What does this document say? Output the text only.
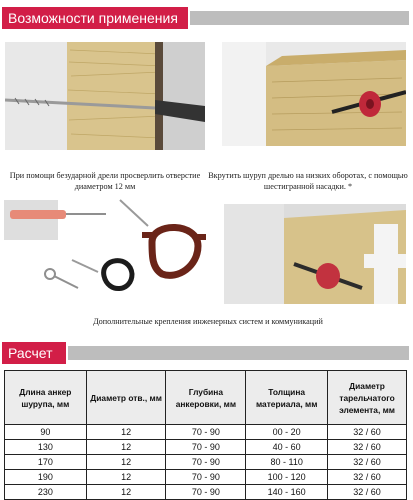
Возможности применения
При помощи безударной дрели просверлить отверстие диаметром 12 мм
Вкрутить шуруп дрелью на низких оборотах, с помощью шестигранной насадки. *
Дополнительные крепления инженерных систем и коммуникаций
Расчет
Длина анкер шурупа, мм	Диаметр отв., мм	Глубина анкеровки, мм	Толщина материала, мм	Диаметр тарельчатого элемента, мм
90	12	70 - 90	00 - 20	32 / 60
130	12	70 - 90	40 - 60	32 / 60
170	12	70 - 90	80 - 110	32 / 60
190	12	70 - 90	100 - 120	32 / 60
230	12	70 - 90	140 - 160	32 / 60
